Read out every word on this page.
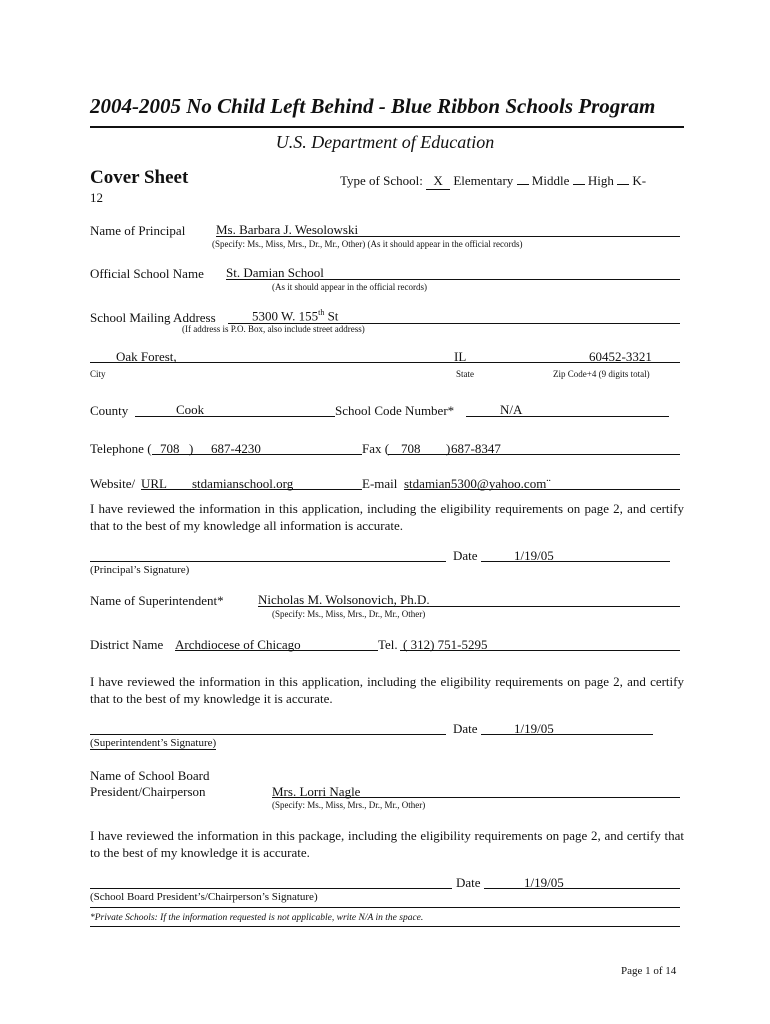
2004-2005 No Child Left Behind - Blue Ribbon Schools Program
U.S. Department of Education
Cover Sheet	Type of School: X Elementary Middle High K-
12
Name of Principal Ms. Barbara J. Wesolowski
(Specify: Ms., Miss, Mrs., Dr., Mr., Other) (As it should appear in the official records)
Official School Name St. Damian School
(As it should appear in the official records)
School Mailing Address	5300 W. 155th St
(If address is P.O. Box, also include street address)
Oak Forest,	IL	60452-3321
City	State	Zip Code+4 (9 digits total)
County	Cook	School Code Number*	N/A
Telephone ( 708 ) 687-4230	Fax ( 708 ) 687-8347
Website/ URL stdamianschool.org	E-mail stdamian5300@yahoo.com¨
I have reviewed the information in this application, including the eligibility requirements on page 2, and certify that to the best of my knowledge all information is accurate.
Date	1/19/05
(Principal’s Signature)
Name of Superintendent*	Nicholas M. Wolsonovich, Ph.D.
(Specify: Ms., Miss, Mrs., Dr., Mr., Other)
District Name Archdiocese of Chicago	Tel. ( 312) 751-5295
I have reviewed the information in this application, including the eligibility requirements on page 2, and certify that to the best of my knowledge it is accurate.
Date	1/19/05
(Superintendent’s Signature)
Name of School Board
President/Chairperson	Mrs. Lorri Nagle
(Specify: Ms., Miss, Mrs., Dr., Mr., Other)
I have reviewed the information in this package, including the eligibility requirements on page 2, and certify that to the best of my knowledge it is accurate.
Date	1/19/05
(School Board President’s/Chairperson’s Signature)
*Private Schools: If the information requested is not applicable, write N/A in the space.
Page 1 of 14
